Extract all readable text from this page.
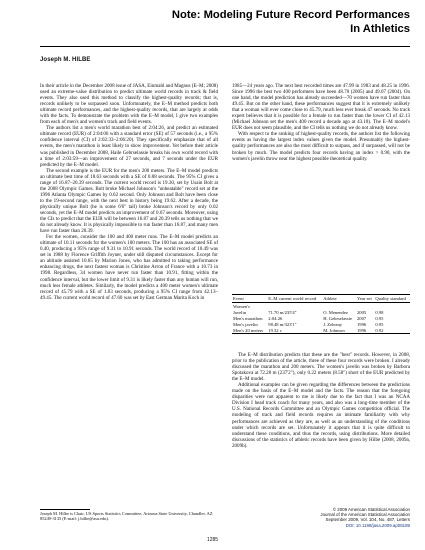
Note: Modeling Future Record Performances
In Athletics
Joseph M. HILBE

In their article in the December 2008 issue of JASA, Einmahl and Magnus (E–M; 2008) used an extreme-value distribution to predict ultimate world records in track & field events. They also used this method to classify the highest-quality records; that is, records unlikely to be surpassed soon. Unfortunately, the E–M method predicts both ultimate record performances, and the highest-quality records, that are largely at odds with the facts. To demonstrate the problem with the E–M model, I give two examples from each of men's and women's track and field events.

The authors list a men's world marathon best of 2:04:26, and predict an estimated ultimate record (EUR) of 2:04:06 with a standard error (SE) of 57 seconds (i.e., a 95% confidence interval (CI) of 2:02:33–2:06:20). They specifically emphasize that of all events, the men's marathon is least likely to show improvement. Yet before their article was published in December 2008, Haile Gebrselassie breaks his own world record with a time of 2:03:59—an improvement of 27 seconds, and 7 seconds under the EUR predicted by the E–M model.

The second example is the EUR for the men's 200 meters. The E–M model predicts an ultimate best time of 18.63 seconds with a SE of 0.88 seconds. The 95% CI gives a range of 16.87–20.39 seconds. The current world record is 19.30, set by Usain Bolt at the 2008 Olympic Games. Bolt broke Michael Johnson's "unbeatable" record set at the 1996 Atlanta Olympic Games by 0.02 second. Only Johnson and Bolt have been close to the 19-second range, with the next best in history being 19.62. After a decade, the physically unique Bolt (he is some 6'6" tall) broke Johnson's record by only 0.02 seconds, yet the E–M model predicts an improvement of 0.67 seconds. Moreover, using the CIs to predict that the EUR will be between 16.87 and 20.39 tells us nothing that we do not already know. It is physically impossible to run faster than 16.87, and many men have run faster than 20.39.

For the women, consider the 100 and 400 meter runs. The E–M model predicts an ultimate of 10.11 seconds for the women's 100 meters. The 100 has an associated SE of 0.40, producing a 95% range of 9.31 to 10.91 seconds. The world record of 10.49 was set in 1988 by Florence Griffith Joyner, under still disputed circumstances. Except for an altitude assisted 10.65 by Marion Jones, who has admitted to taking performance enhancing drugs, the next fastest woman is Christine Arron of France with a 10.73 in 1998. Regardless, 34 women have never run faster than 10.91, fitting within the confidence interval, but the lower limit of 9.31 is likely faster than any human will run, much less female athletes. Similarly, the model predicts a 400 meter women's ultimate record of 45.79 with a SE of 1.83 seconds, producing a 95% CI range from 42.13–49.45. The current world record of 47.60 was set by East German Marita Koch in

Joseph M. Hilbe is Chair, US Sports Statistics Committee, Arizona State University, Chandler, AZ 85249-3135 (E-mail: j.hilbe@asu.edu).

1985—24 years ago. The next best recorded times are 47.99 in 1983 and 48.25 in 1996. Since 1996 the best two 400 performers have been 48.70 (2005) and 49.07 (2004). On one hand, the model prediction has already succeeded—70 women have run faster than 49.45. But on the other hand, these performances suggest that it is extremely unlikely that a woman will ever come close to 45.79, much less ever break 47 seconds. No track expert believes that it is possible for a female to run faster than the lower CI of 42.13 (Michael Johnson set the men's 400 record a decade ago at 43.18). The E–M model's EUR does not seem plausible, and the CI tells us nothing we do not already know.

With respect to the ranking of highest-quality records, the authors list the following events as having the largest index values given the model. Presumably the highest-quality performances are also the most difficult to surpass, and if surpassed, will not be broken by much. The model predicts four records having an index > 0.90, with the women's javelin throw near the highest possible theoretical quality.

Event	E–M current world record	Athlete	Year set	Quality standard
Women's				
Javelin	71.70 m/235'4"	O. Menendez	2005	0.98
Men's marathon	2:04:26	H. Gebrselassie	2007	0.95
Men's javelin	98.48 m/323'1"	J. Zelezny	1996	0.95
Men's 20 meters	19.32 s	M. Johnson	1996	0.92

The E–M distribution predicts that these are the "best" records. However, in 2008, prior to the publication of the article, three of these four records were broken. I already discussed the marathon and 200 meters. The women's javelin was broken by Barbora Spotakova at 72.28 m (237'2"), only 0.22 meters (8.58") short of the EUR predicted by the E–M model.

Additional examples can be given regarding the differences between the predictions made on the basis of the E–M model and the facts. The reason that the foregoing disparities were not apparent to me is likely due to the fact that I was an NCAA Division I head track coach for many years, and also was a long-time member of the U.S. National Records Committee and an Olympic Games competition official. The modeling of track and field records requires an intimate familiarity with why performances are achieved as they are, as well as an understanding of the conditions under which records are set. Unfortunately it appears that it is quite difficult to understand these conditions, and thus the records, using distributions. More detailed discussions of the statistics of athletic records have been given by Hilbe (2008, 2009a, 2009b).

© 2009 American Statistical Association
Journal of the American Statistical Association
September 2009, Vol. 104, No. 487, Letters
DOI: 10.1198/jasa.2009.ap08189
1285
